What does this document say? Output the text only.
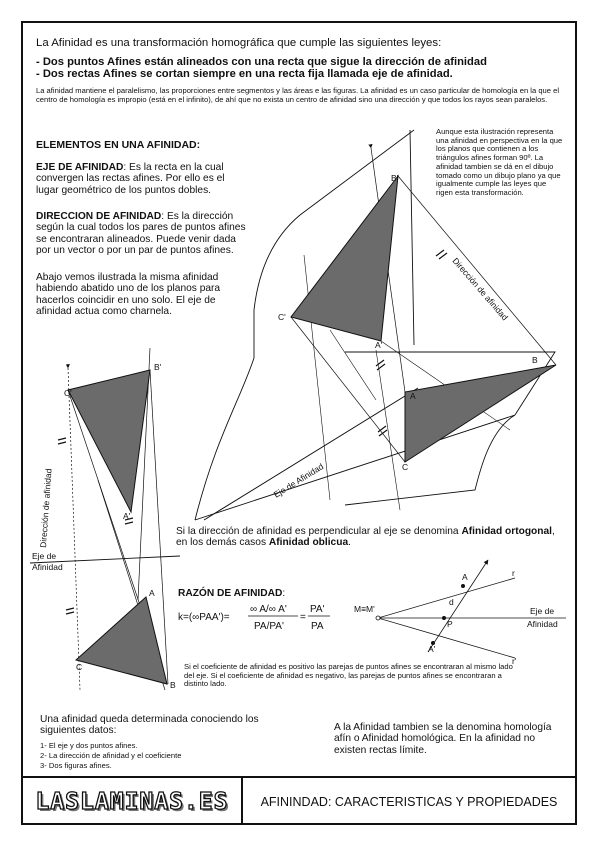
La Afinidad es una transformación homográfica que cumple las siguientes leyes:
- Dos puntos Afines están alineados con una recta que sigue la dirección de afinidad
- Dos rectas Afines se cortan siempre en una recta fija llamada eje de afinidad.
La afinidad mantiene el paralelismo, las proporciones entre segmentos y las áreas e las figuras. La afinidad es un caso particular de homología en la que el centro de homología es impropio (está en el infinito), de ahí que no exista un centro de afinidad sino una dirección y que todos los rayos sean paralelos.
ELEMENTOS EN UNA AFINIDAD:
EJE DE AFINIDAD: Es la recta en la cual convergen las rectas afines. Por ello es el lugar geométrico de los puntos dobles.
DIRECCION DE AFINIDAD: Es la dirección según la cual todos los pares de puntos afines se encontraran alineados. Puede venir dada por un vector o por un par de puntos afines.
Abajo vemos ilustrada la misma afinidad habiendo abatido uno de los planos para hacerlos coincidir en uno solo. El eje de afinidad actua como charnela.
Aunque esta ilustración representa una afinidad en perspectiva en la que los planos que contienen a los triángulos afines forman 90º. La afinidad tambien se dá en el dibujo tomado como un dibujo plano ya que igualmente cumple las leyes que rigen esta transformación.
Si la dirección de afinidad es perpendicular al eje se denomina Afinidad ortogonal, en los demás casos Afinidad oblicua.
RAZÓN DE AFINIDAD:
Si el coeficiente de afinidad es positivo las parejas de puntos afines se encontraran al mismo lado del eje. Si el coeficiente de afinidad es negativo, las parejas de puntos afines se encontraran a distinto lado.
Una afinidad queda determinada conociendo los siguientes datos:
1- El eje y dos puntos afines.
2- La dirección de afinidad y el coeficiente
3- Dos figuras afines.
A la Afinidad tambien se la denomina homología afín o Afinidad homológica. En la afinidad no existen rectas límite.
LASLAMINAS.ES	AFININDAD: CARACTERISTICAS Y PROPIEDADES
B'
C'
A'
B
A
C
Dirección de afinidad
Eje de Afinidad
B'
C'
A'
A
C
B
Eje de
Afinidad
Dirección de afinidad
k=(∞PAA')=
∞ A/∞ A'
PA/PA'
=
PA'
PA
M≡M'
A
d
P
A'
r
r'
Eje de
Afinidad
